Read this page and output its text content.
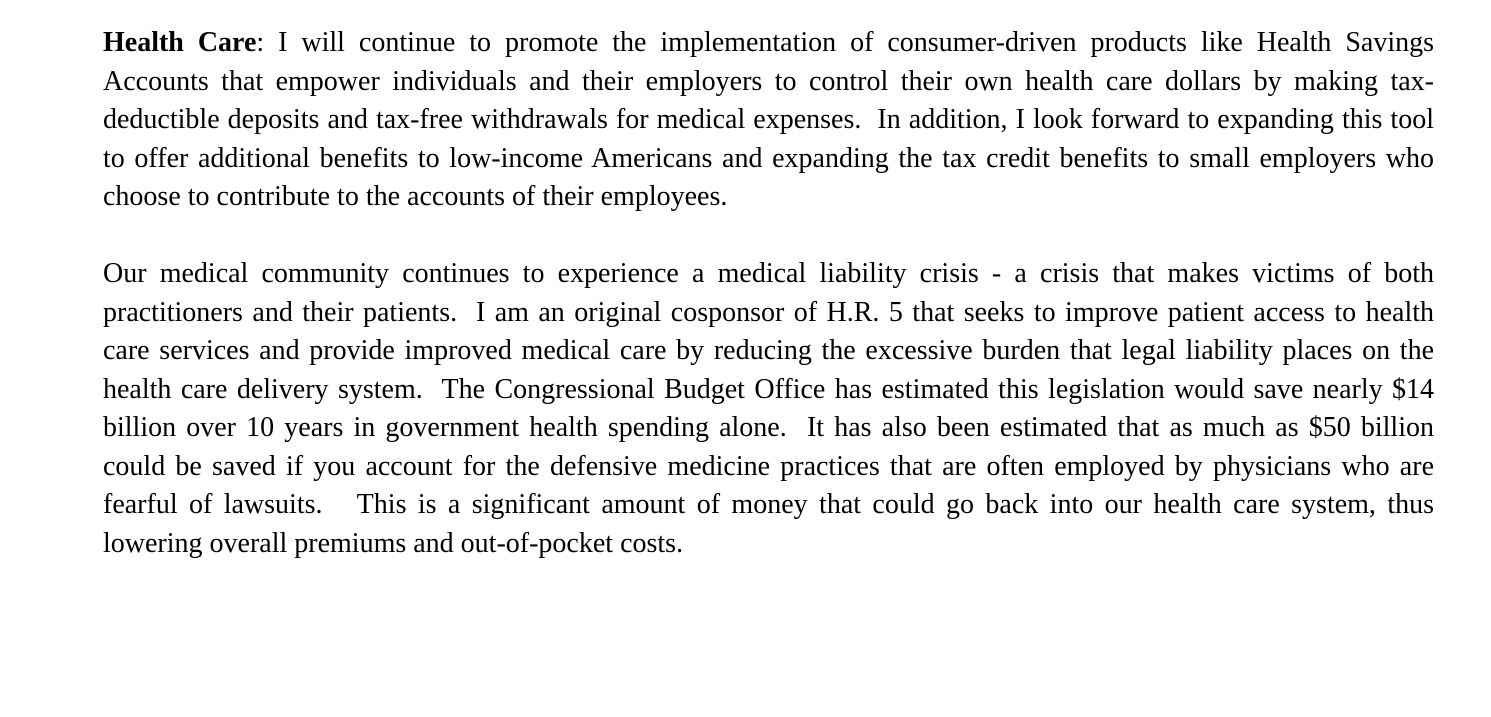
Health Care: I will continue to promote the implementation of consumer-driven products like Health Savings Accounts that empower individuals and their employers to control their own health care dollars by making tax-deductible deposits and tax-free withdrawals for medical expenses.  In addition, I look forward to expanding this tool to offer additional benefits to low-income Americans and expanding the tax credit benefits to small employers who choose to contribute to the accounts of their employees.

Our medical community continues to experience a medical liability crisis - a crisis that makes victims of both practitioners and their patients.  I am an original cosponsor of H.R. 5 that seeks to improve patient access to health care services and provide improved medical care by reducing the excessive burden that legal liability places on the health care delivery system.  The Congressional Budget Office has estimated this legislation would save nearly $14 billion over 10 years in government health spending alone.  It has also been estimated that as much as $50 billion could be saved if you account for the defensive medicine practices that are often employed by physicians who are fearful of lawsuits.   This is a significant amount of money that could go back into our health care system, thus lowering overall premiums and out-of-pocket costs.
